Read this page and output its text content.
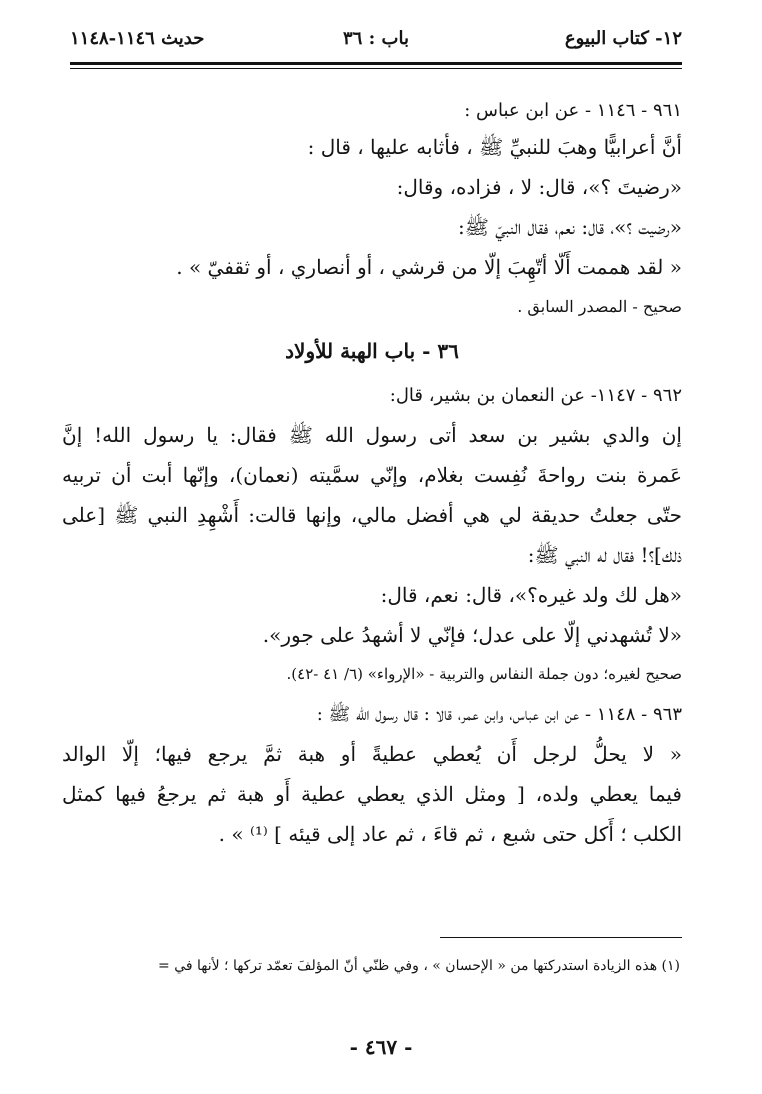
١٢- كتاب البيوع
باب : ٣٦
حديث ١١٤٦-١١٤٨
٩٦١ - ١١٤٦ - عن ابن عباس :
أنَّ أعرابيًّا وهبَ للنبيِّ ﷺ ، فأثابه عليها ، قال :
«رضيتَ ؟»، قال: لا ، فزاده، وقال:
«رضيت ؟»، قال: نعم، فقال النبيّ ﷺ:
« لقد هممت أَلّا أتّهِبَ إلّا من قرشي ، أو أنصاري ، أو ثقفيّ » .
صحيح - المصدر السابق .
٣٦ - باب الهبة للأولاد
٩٦٢ - ١١٤٧- عن النعمان بن بشير، قال:
إن والدي بشير بن سعد أتى رسول الله ﷺ فقال: يا رسول الله! إنَّ
عَمرة بنت رواحةَ نُفِست بغلام، وإنّي سمَّيته (نعمان)، وإنّها أبت أن تربيه
حتّى جعلتُ حديقة لي هي أفضل مالي، وإنها قالت: أَشْهِدِ النبي ﷺ [على
ذلك]؟! فقال له النبي ﷺ:
«هل لك ولد غيره؟»، قال: نعم، قال:
«لا تُشهدني إلّا على عدل؛ فإنّي لا أشهدُ على جور».
صحيح لغيره؛ دون جملة النفاس والتربية - «الإرواء» (٦/ ٤١ -٤٢).
٩٦٣ - ١١٤٨ - عن ابن عباس، وابن عمر، قالا : قال رسول الله ﷺ :
« لا يحلُّ لرجل أَن يُعطي عطيةً أو هبة ثمَّ يرجع فيها؛ إلّا الوالد
فيما يعطي ولده، [ ومثل الذي يعطي عطية أَو هبة ثم يرجعُ فيها كمثل
الكلب ؛ أَكل حتى شبع ، ثم قاءَ ، ثم عاد إلى قيئه ] ⁽¹⁾ » .
(١) هذه الزيادة استدركتها من « الإحسان » ، وفي ظنّي أنّ المؤلفَ تعمّد تركها ؛ لأنها في =
- ٤٦٧ -
